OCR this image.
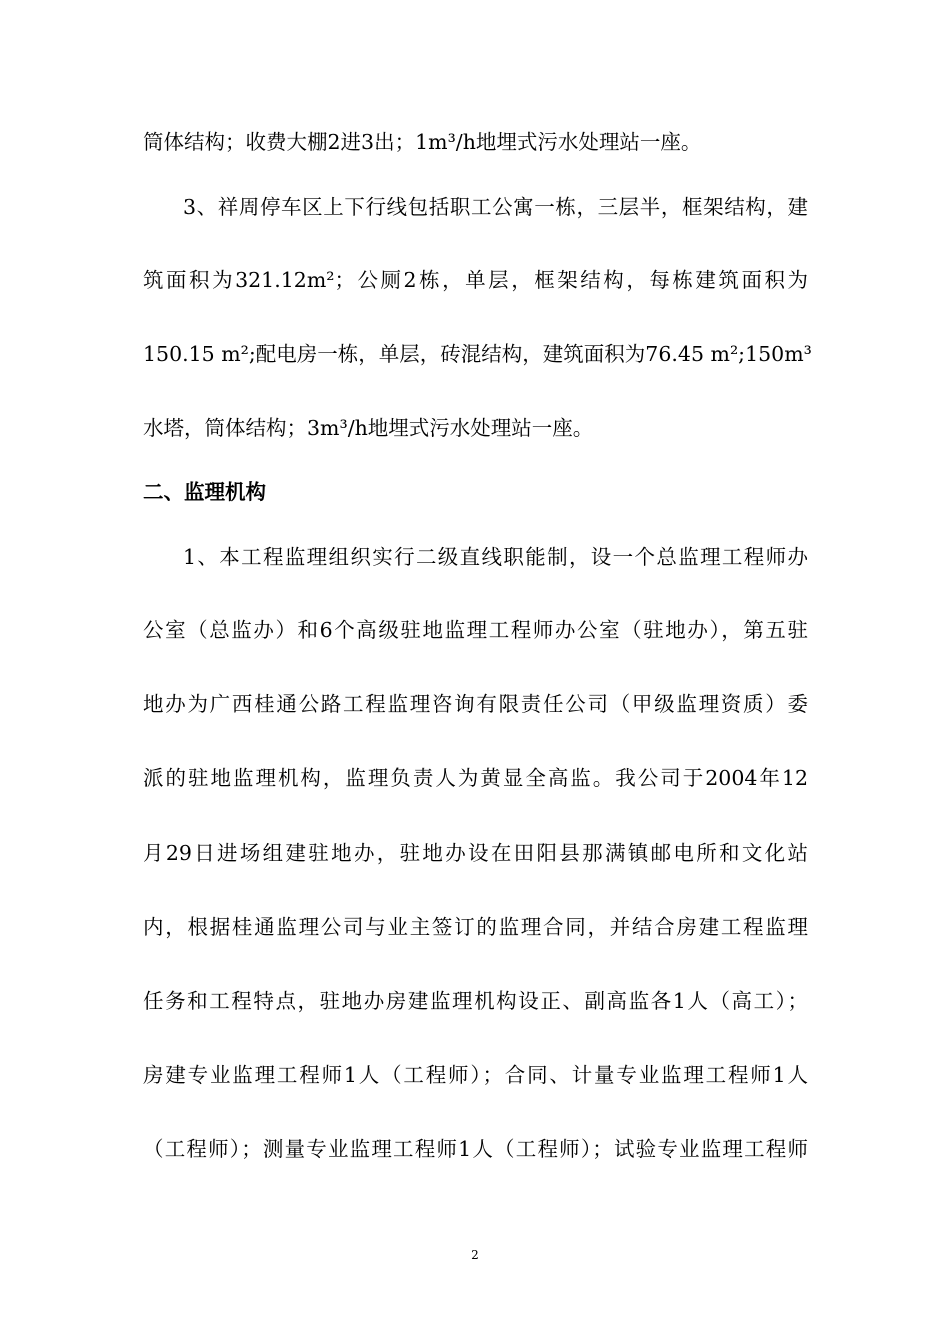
筒体结构；收费大棚2进3出；1m³/h地埋式污水处理站一座。
3、祥周停车区上下行线包括职工公寓一栋，三层半，框架结构，建
筑面积为321.12m²；公厕2栋，单层，框架结构，每栋建筑面积为
150.15 m²;配电房一栋，单层，砖混结构，建筑面积为76.45 m²;150m³
水塔，筒体结构；3m³/h地埋式污水处理站一座。
二、监理机构
1、本工程监理组织实行二级直线职能制，设一个总监理工程师办
公室（总监办）和6个高级驻地监理工程师办公室（驻地办），第五驻
地办为广西桂通公路工程监理咨询有限责任公司（甲级监理资质）委
派的驻地监理机构，监理负责人为黄显全高监。我公司于2004年12
月29日进场组建驻地办，驻地办设在田阳县那满镇邮电所和文化站
内，根据桂通监理公司与业主签订的监理合同，并结合房建工程监理
任务和工程特点，驻地办房建监理机构设正、副高监各1人（高工）；
房建专业监理工程师1人（工程师）；合同、计量专业监理工程师1人
（工程师）；测量专业监理工程师1人（工程师）；试验专业监理工程师
2
